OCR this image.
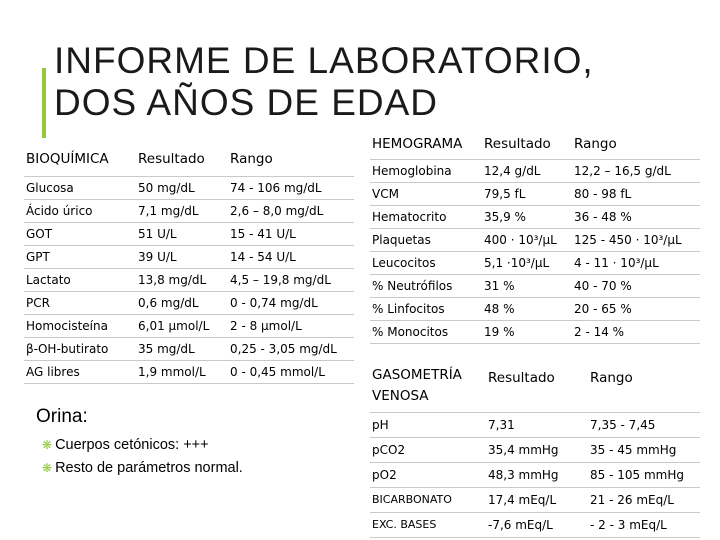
INFORME DE LABORATORIO,
DOS AÑOS DE EDAD
BIOQUÍMICA	Resultado	Rango
Glucosa	50 mg/dL	74 - 106 mg/dL
Ácido úrico	7,1 mg/dL	2,6 – 8,0 mg/dL
GOT	51 U/L	15 - 41 U/L
GPT	39 U/L	14 - 54 U/L
Lactato	13,8 mg/dL	4,5 – 19,8 mg/dL
PCR	0,6 mg/dL	0 - 0,74 mg/dL
Homocisteína	6,01 µmol/L	2 - 8 µmol/L
β-OH-butirato	35 mg/dL	0,25 - 3,05 mg/dL
AG libres	1,9 mmol/L	0 - 0,45 mmol/L
HEMOGRAMA	Resultado	Rango
Hemoglobina	12,4 g/dL	12,2 – 16,5 g/dL
VCM	79,5 fL	80 - 98 fL
Hematocrito	35,9 %	36 - 48 %
Plaquetas	400 · 10³/µL	125 - 450 · 10³/µL
Leucocitos	5,1 ·10³/µL	4 - 11 · 10³/µL
% Neutrófilos	31 %	40 - 70 %
% Linfocitos	48 %	20 - 65 %
% Monocitos	19 %	2 - 14 %
GASOMETRÍA VENOSA	Resultado	Rango
pH	7,31	7,35 - 7,45
pCO2	35,4 mmHg	35 - 45 mmHg
pO2	48,3 mmHg	85 - 105 mmHg
BICARBONATO	17,4 mEq/L	21 - 26 mEq/L
EXC. BASES	-7,6 mEq/L	- 2 - 3 mEq/L
Orina:
❋ Cuerpos cetónicos: +++
❋ Resto de parámetros normal.
